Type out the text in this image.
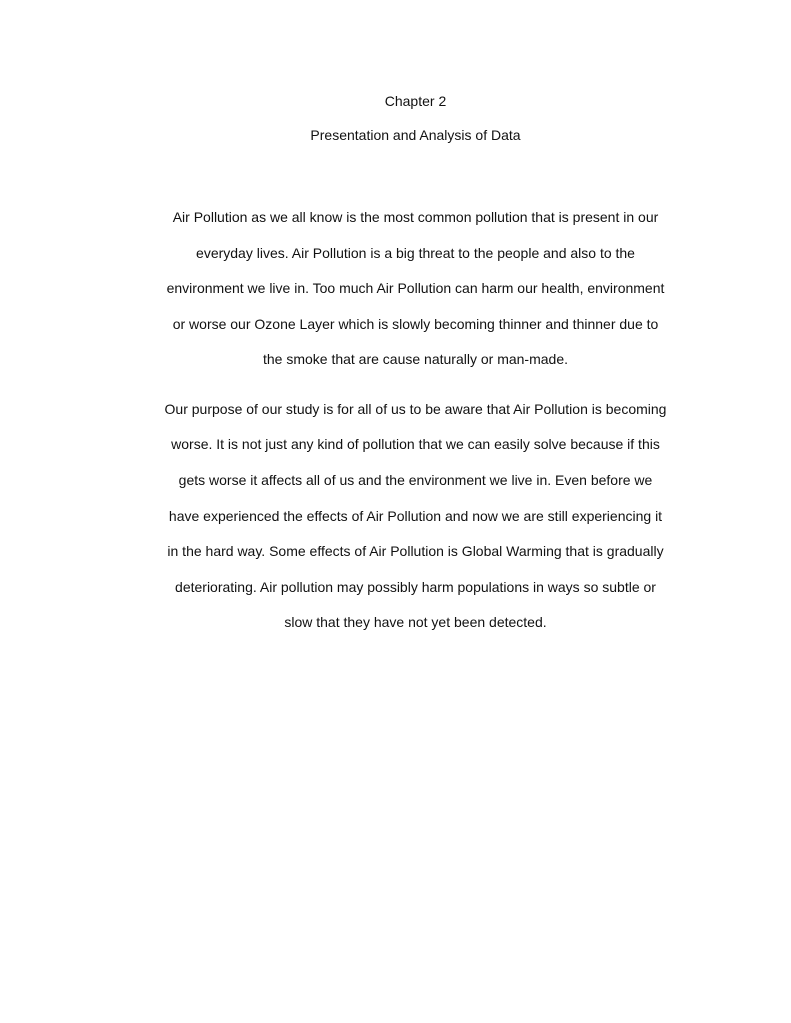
Chapter 2

Presentation and Analysis of Data

Air Pollution as we all know is the most common pollution that is present in our

everyday lives. Air Pollution is a big threat to the people and also to the

environment we live in. Too much Air Pollution can harm our health, environment

or worse our Ozone Layer which is slowly becoming thinner and thinner due to

the smoke that are cause naturally or man-made.

Our purpose of our study is for all of us to be aware that Air Pollution is becoming

worse. It is not just any kind of pollution that we can easily solve because if this

gets worse it affects all of us and the environment we live in. Even before we

have experienced the effects of Air Pollution and now we are still experiencing it

in the hard way. Some effects of Air Pollution is Global Warming that is gradually

deteriorating. Air pollution may possibly harm populations in ways so subtle or

slow that they have not yet been detected.
